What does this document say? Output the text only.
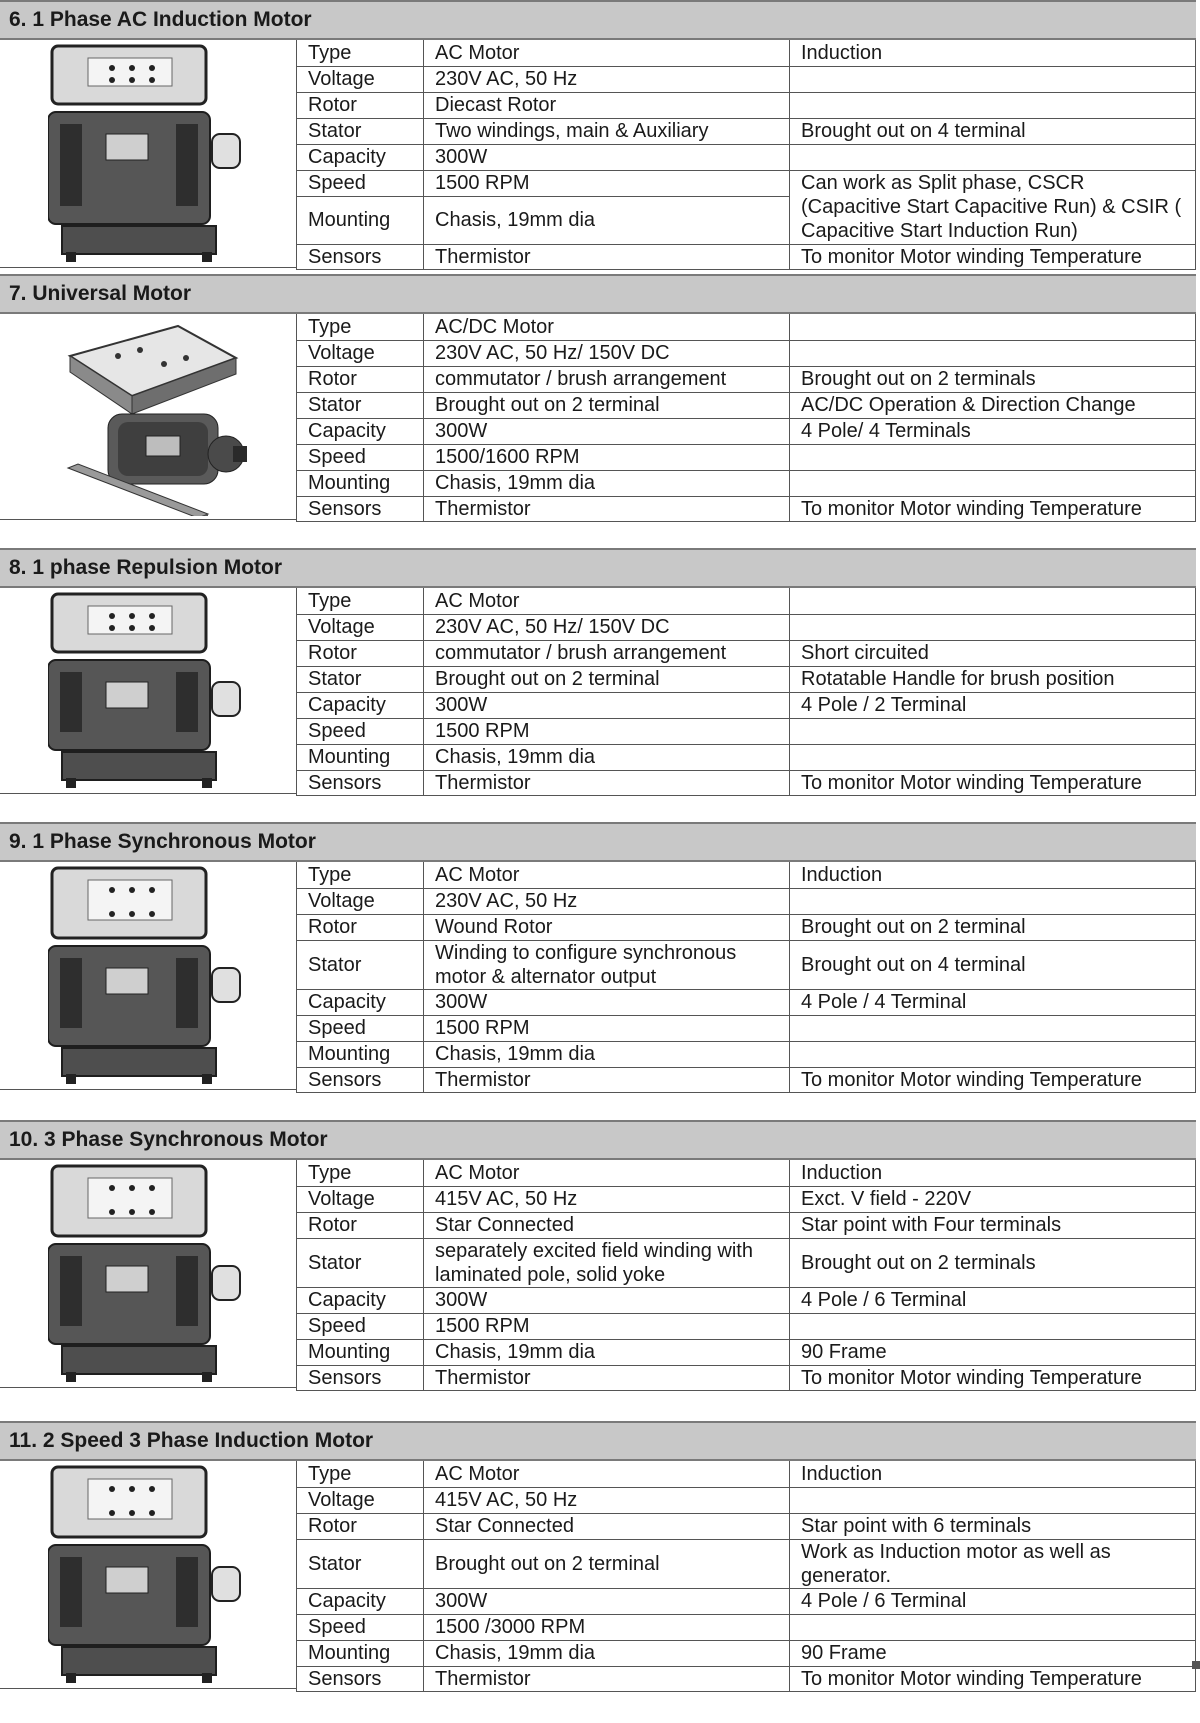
6. 1 Phase AC Induction Motor
Type	AC Motor	Induction
Voltage	230V AC, 50 Hz	
Rotor	Diecast Rotor	
Stator	Two windings, main & Auxiliary	Brought out on 4 terminal
Capacity	300W	
Speed	1500 RPM	Can work as Split phase, CSCR (Capacitive Start Capacitive Run) & CSIR ( Capacitive Start Induction Run)
Mounting	Chasis, 19mm dia	
Sensors	Thermistor	To monitor Motor winding Temperature
7. Universal Motor
Type	AC/DC Motor	
Voltage	230V AC, 50 Hz/ 150V DC	
Rotor	commutator / brush arrangement	Brought out on 2 terminals
Stator	Brought out on 2 terminal	AC/DC Operation & Direction Change
Capacity	300W	4 Pole/ 4 Terminals
Speed	1500/1600 RPM	
Mounting	Chasis, 19mm dia	
Sensors	Thermistor	To monitor Motor winding Temperature
8. 1 phase Repulsion Motor
Type	AC Motor	
Voltage	230V AC, 50 Hz/ 150V DC	
Rotor	commutator / brush arrangement	Short circuited
Stator	Brought out on 2 terminal	Rotatable Handle for brush position
Capacity	300W	4 Pole / 2 Terminal
Speed	1500 RPM	
Mounting	Chasis, 19mm dia	
Sensors	Thermistor	To monitor Motor winding Temperature
9. 1 Phase Synchronous Motor
Type	AC Motor	Induction
Voltage	230V AC, 50 Hz	
Rotor	Wound Rotor	Brought out on 2 terminal
Stator	Winding to configure synchronous motor & alternator output	Brought out on 4 terminal
Capacity	300W	4 Pole / 4 Terminal
Speed	1500 RPM	
Mounting	Chasis, 19mm dia	
Sensors	Thermistor	To monitor Motor winding Temperature
10. 3 Phase Synchronous Motor
Type	AC Motor	Induction
Voltage	415V AC, 50 Hz	Exct. V field - 220V
Rotor	Star Connected	Star point with Four terminals
Stator	separately excited field winding with laminated pole, solid yoke	Brought out on 2 terminals
Capacity	300W	4 Pole / 6 Terminal
Speed	1500 RPM	
Mounting	Chasis, 19mm dia	90 Frame
Sensors	Thermistor	To monitor Motor winding Temperature
11. 2 Speed 3 Phase Induction Motor
Type	AC Motor	Induction
Voltage	415V AC, 50 Hz	
Rotor	Star Connected	Star point with 6 terminals
Stator	Brought out on 2 terminal	Work as Induction motor as well as generator.
Capacity	300W	4 Pole / 6 Terminal
Speed	1500 /3000 RPM	
Mounting	Chasis, 19mm dia	90 Frame
Sensors	Thermistor	To monitor Motor winding Temperature
